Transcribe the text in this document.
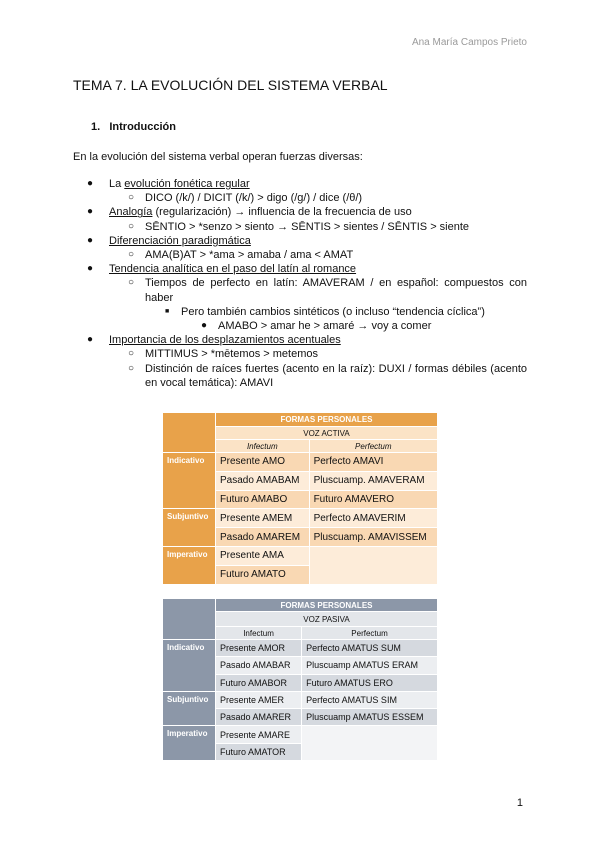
Ana María Campos Prieto
TEMA 7. LA EVOLUCIÓN DEL SISTEMA VERBAL
1. Introducción
En la evolución del sistema verbal operan fuerzas diversas:
● La evolución fonética regular
○ DICO (/k/) / DICIT (/k/) > digo (/g/) / dice (/θ/)
● Analogía (regularización) → influencia de la frecuencia de uso
○ SĒNTIO > *senzo > siento → SĒNTIS > sientes / SĒNTIS > siente
● Diferenciación paradigmática
○ AMA(B)AT > *ama > amaba / ama < AMAT
● Tendencia analítica en el paso del latín al romance
○ Tiempos de perfecto en latín: AMAVERAM / en español: compuestos con haber
■ Pero también cambios sintéticos (o incluso “tendencia cíclica”)
● AMABO > amar he > amaré → voy a comer
● Importancia de los desplazamientos acentuales
○ MITTIMUS > *mētemos > metemos
○ Distinción de raíces fuertes (acento en la raíz): DUXI / formas débiles (acento en vocal temática): AMAVI
	FORMAS PERSONALES	
	VOZ ACTIVA	
	Infectum	Perfectum
Indicativo	Presente AMO	Perfecto AMAVI
	Pasado AMABAM	Pluscuamp. AMAVERAM
	Futuro AMABO	Futuro AMAVERO
Subjuntivo	Presente AMEM	Perfecto AMAVERIM
	Pasado AMAREM	Pluscuamp. AMAVISSEM
Imperativo	Presente AMA	
	Futuro AMATO	
	FORMAS PERSONALES	
	VOZ PASIVA	
	Infectum	Perfectum
Indicativo	Presente AMOR	Perfecto AMATUS SUM
	Pasado AMABAR	Pluscuamp AMATUS ERAM
	Futuro AMABOR	Futuro AMATUS ERO
Subjuntivo	Presente AMER	Perfecto AMATUS SIM
	Pasado AMARER	Pluscuamp AMATUS ESSEM
Imperativo	Presente AMARE	
	Futuro AMATOR	
1
